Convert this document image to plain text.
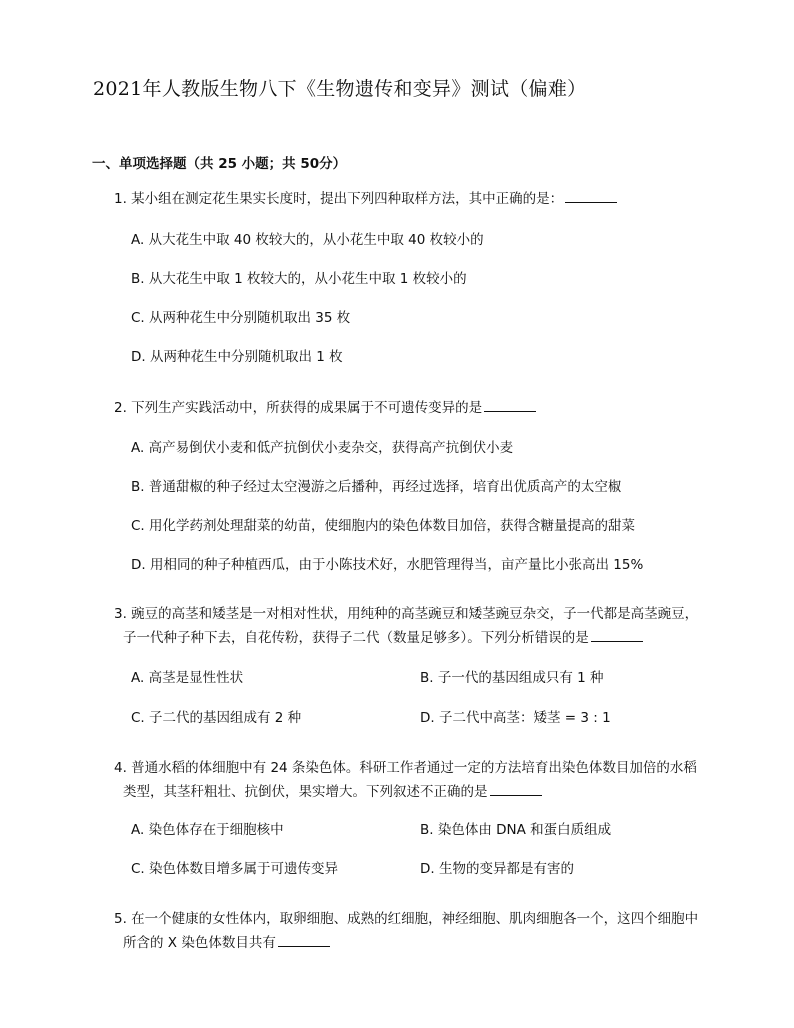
2021年人教版生物八下《生物遗传和变异》测试（偏难）
一、单项选择题（共 25 小题；共 50分）
1. 某小组在测定花生果实长度时，提出下列四种取样方法，其中正确的是：
A. 从大花生中取 40 枚较大的，从小花生中取 40 枚较小的
B. 从大花生中取 1 枚较大的，从小花生中取 1 枚较小的
C. 从两种花生中分别随机取出 35 枚
D. 从两种花生中分别随机取出 1 枚
2. 下列生产实践活动中，所获得的成果属于不可遗传变异的是
A. 高产易倒伏小麦和低产抗倒伏小麦杂交，获得高产抗倒伏小麦
B. 普通甜椒的种子经过太空漫游之后播种，再经过选择，培育出优质高产的太空椒
C. 用化学药剂处理甜菜的幼苗，使细胞内的染色体数目加倍，获得含糖量提高的甜菜
D. 用相同的种子种植西瓜，由于小陈技术好，水肥管理得当，亩产量比小张高出 15%
3. 豌豆的高茎和矮茎是一对相对性状，用纯种的高茎豌豆和矮茎豌豆杂交，子一代都是高茎豌豆，
子一代种子种下去，自花传粉，获得子二代（数量足够多）。下列分析错误的是
A. 高茎是显性性状	B. 子一代的基因组成只有 1 种
C. 子二代的基因组成有 2 种	D. 子二代中高茎：矮茎 = 3 : 1
4. 普通水稻的体细胞中有 24 条染色体。科研工作者通过一定的方法培育出染色体数目加倍的水稻
类型，其茎秆粗壮、抗倒伏，果实增大。下列叙述不正确的是
A. 染色体存在于细胞核中	B. 染色体由 DNA 和蛋白质组成
C. 染色体数目增多属于可遗传变异	D. 生物的变异都是有害的
5. 在一个健康的女性体内，取卵细胞、成熟的红细胞，神经细胞、肌肉细胞各一个，这四个细胞中
所含的 X 染色体数目共有
